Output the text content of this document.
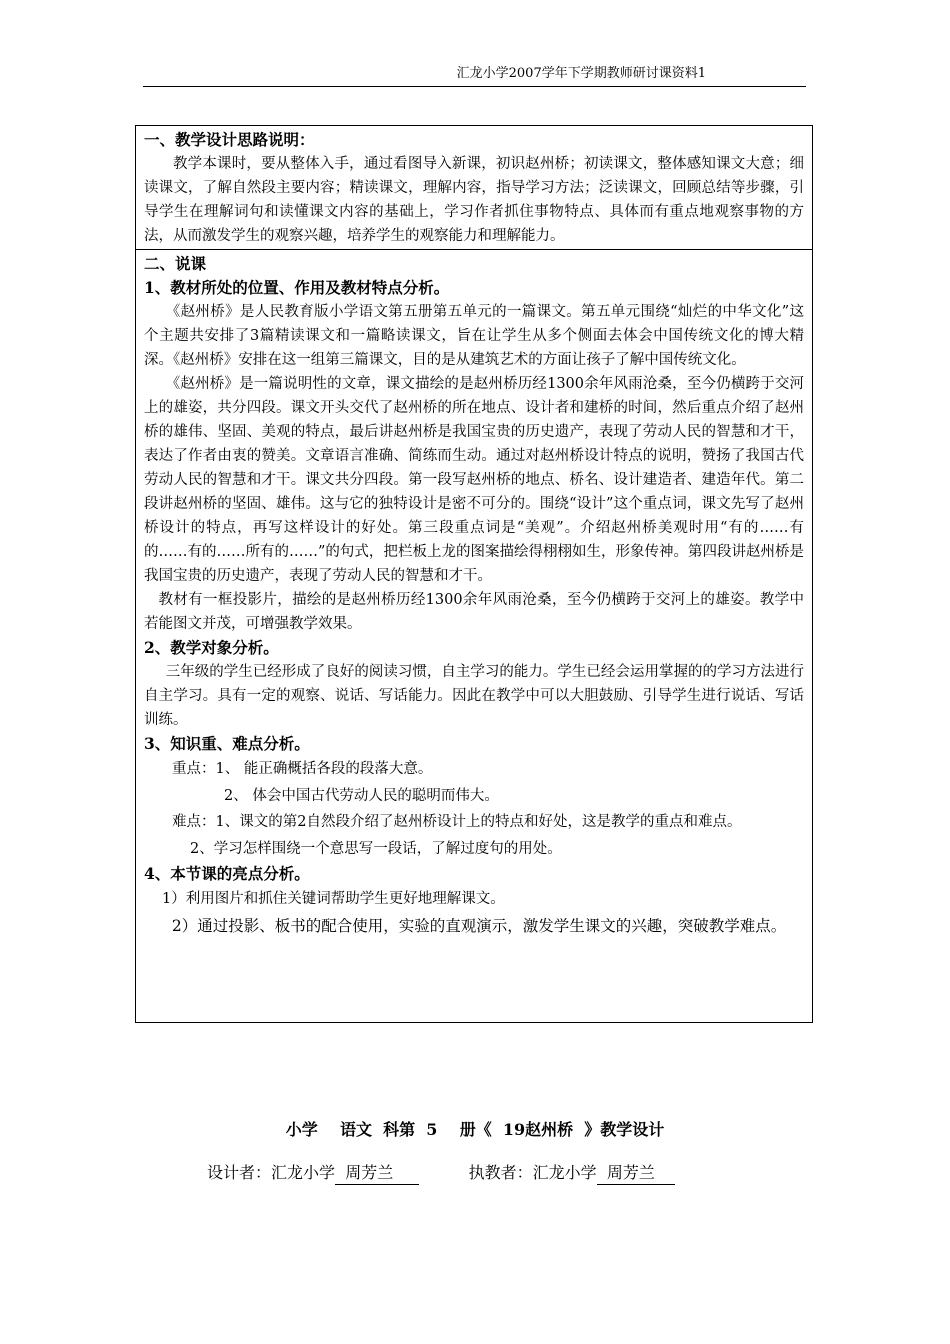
汇龙小学2007学年下学期教师研讨课资料1

一、教学设计思路说明：

教学本课时，要从整体入手，通过看图导入新课，初识赵州桥；初读课文，整体感知课文大意；细读课文，了解自然段主要内容；精读课文，理解内容，指导学习方法；泛读课文，回顾总结等步骤，引导学生在理解词句和读懂课文内容的基础上，学习作者抓住事物特点、具体而有重点地观察事物的方法，从而激发学生的观察兴趣，培养学生的观察能力和理解能力。

二、说课

1、教材所处的位置、作用及教材特点分析。

《赵州桥》是人民教育版小学语文第五册第五单元的一篇课文。第五单元围绕“灿烂的中华文化”这个主题共安排了3篇精读课文和一篇略读课文，旨在让学生从多个侧面去体会中国传统文化的博大精深。《赵州桥》安排在这一组第三篇课文，目的是从建筑艺术的方面让孩子了解中国传统文化。

《赵州桥》是一篇说明性的文章，课文描绘的是赵州桥历经1300余年风雨沧桑，至今仍横跨于交河上的雄姿，共分四段。课文开头交代了赵州桥的所在地点、设计者和建桥的时间，然后重点介绍了赵州桥的雄伟、坚固、美观的特点，最后讲赵州桥是我国宝贵的历史遗产，表现了劳动人民的智慧和才干，表达了作者由衷的赞美。文章语言准确、简练而生动。通过对赵州桥设计特点的说明，赞扬了我国古代劳动人民的智慧和才干。课文共分四段。第一段写赵州桥的地点、桥名、设计建造者、建造年代。第二段讲赵州桥的坚固、雄伟。这与它的独特设计是密不可分的。围绕“设计”这个重点词，课文先写了赵州桥设计的特点，再写这样设计的好处。第三段重点词是“美观”。介绍赵州桥美观时用“有的……有的……有的……所有的……”的句式，把栏板上龙的图案描绘得栩栩如生，形象传神。第四段讲赵州桥是我国宝贵的历史遗产，表现了劳动人民的智慧和才干。

教材有一框投影片，描绘的是赵州桥历经1300余年风雨沧桑，至今仍横跨于交河上的雄姿。教学中若能图文并茂，可增强教学效果。

2、教学对象分析。

三年级的学生已经形成了良好的阅读习惯，自主学习的能力。学生已经会运用掌握的的学习方法进行自主学习。具有一定的观察、说话、写话能力。因此在教学中可以大胆鼓励、引导学生进行说话、写话训练。

3、知识重、难点分析。

重点：1、 能正确概括各段的段落大意。

2、 体会中国古代劳动人民的聪明而伟大。

难点：1、课文的第2自然段介绍了赵州桥设计上的特点和好处，这是教学的重点和难点。

2、学习怎样围绕一个意思写一段话，了解过度句的用处。

4、本节课的亮点分析。

1）利用图片和抓住关键词帮助学生更好地理解课文。

2）通过投影、板书的配合使用，实验的直观演示，激发学生课文的兴趣，突破教学难点。

小学    语文  科第  5    册《  19赵州桥  》教学设计
设计者：汇龙小学  周芳兰	执教者：汇龙小学  周芳兰
